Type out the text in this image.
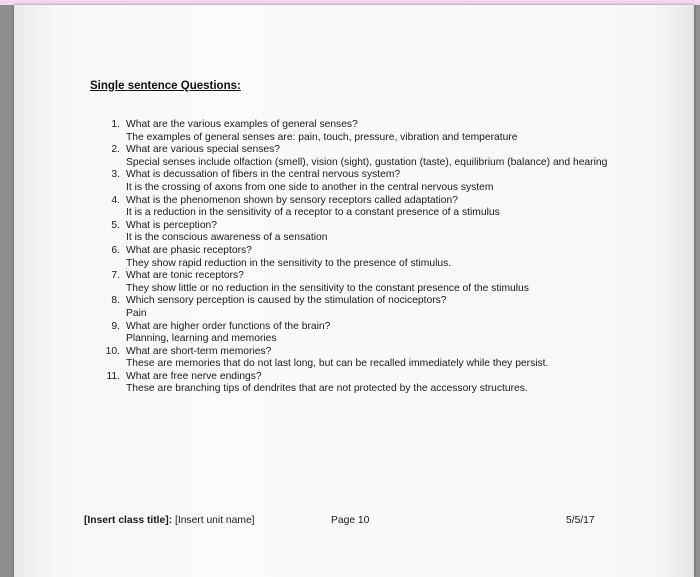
Single sentence Questions:
1. What are the various examples of general senses?
The examples of general senses are: pain, touch, pressure, vibration and temperature
2. What are various special senses?
Special senses include olfaction (smell), vision (sight), gustation (taste), equilibrium (balance) and hearing
3. What is decussation of fibers in the central nervous system?
It is the crossing of axons from one side to another in the central nervous system
4. What is the phenomenon shown by sensory receptors called adaptation?
It is a reduction in the sensitivity of a receptor to a constant presence of a stimulus
5. What is perception?
It is the conscious awareness of a sensation
6. What are phasic receptors?
They show rapid reduction in the sensitivity to the presence of stimulus.
7. What are tonic receptors?
They show little or no reduction in the sensitivity to the constant presence of the stimulus
8. Which sensory perception is caused by the stimulation of nociceptors?
Pain
9. What are higher order functions of the brain?
Planning, learning and memories
10. What are short-term memories?
These are memories that do not last long, but can be recalled immediately while they persist.
11. What are free nerve endings?
These are branching tips of dendrites that are not protected by the accessory structures.
[Insert class title]: [Insert unit name]	Page 10	5/5/17
